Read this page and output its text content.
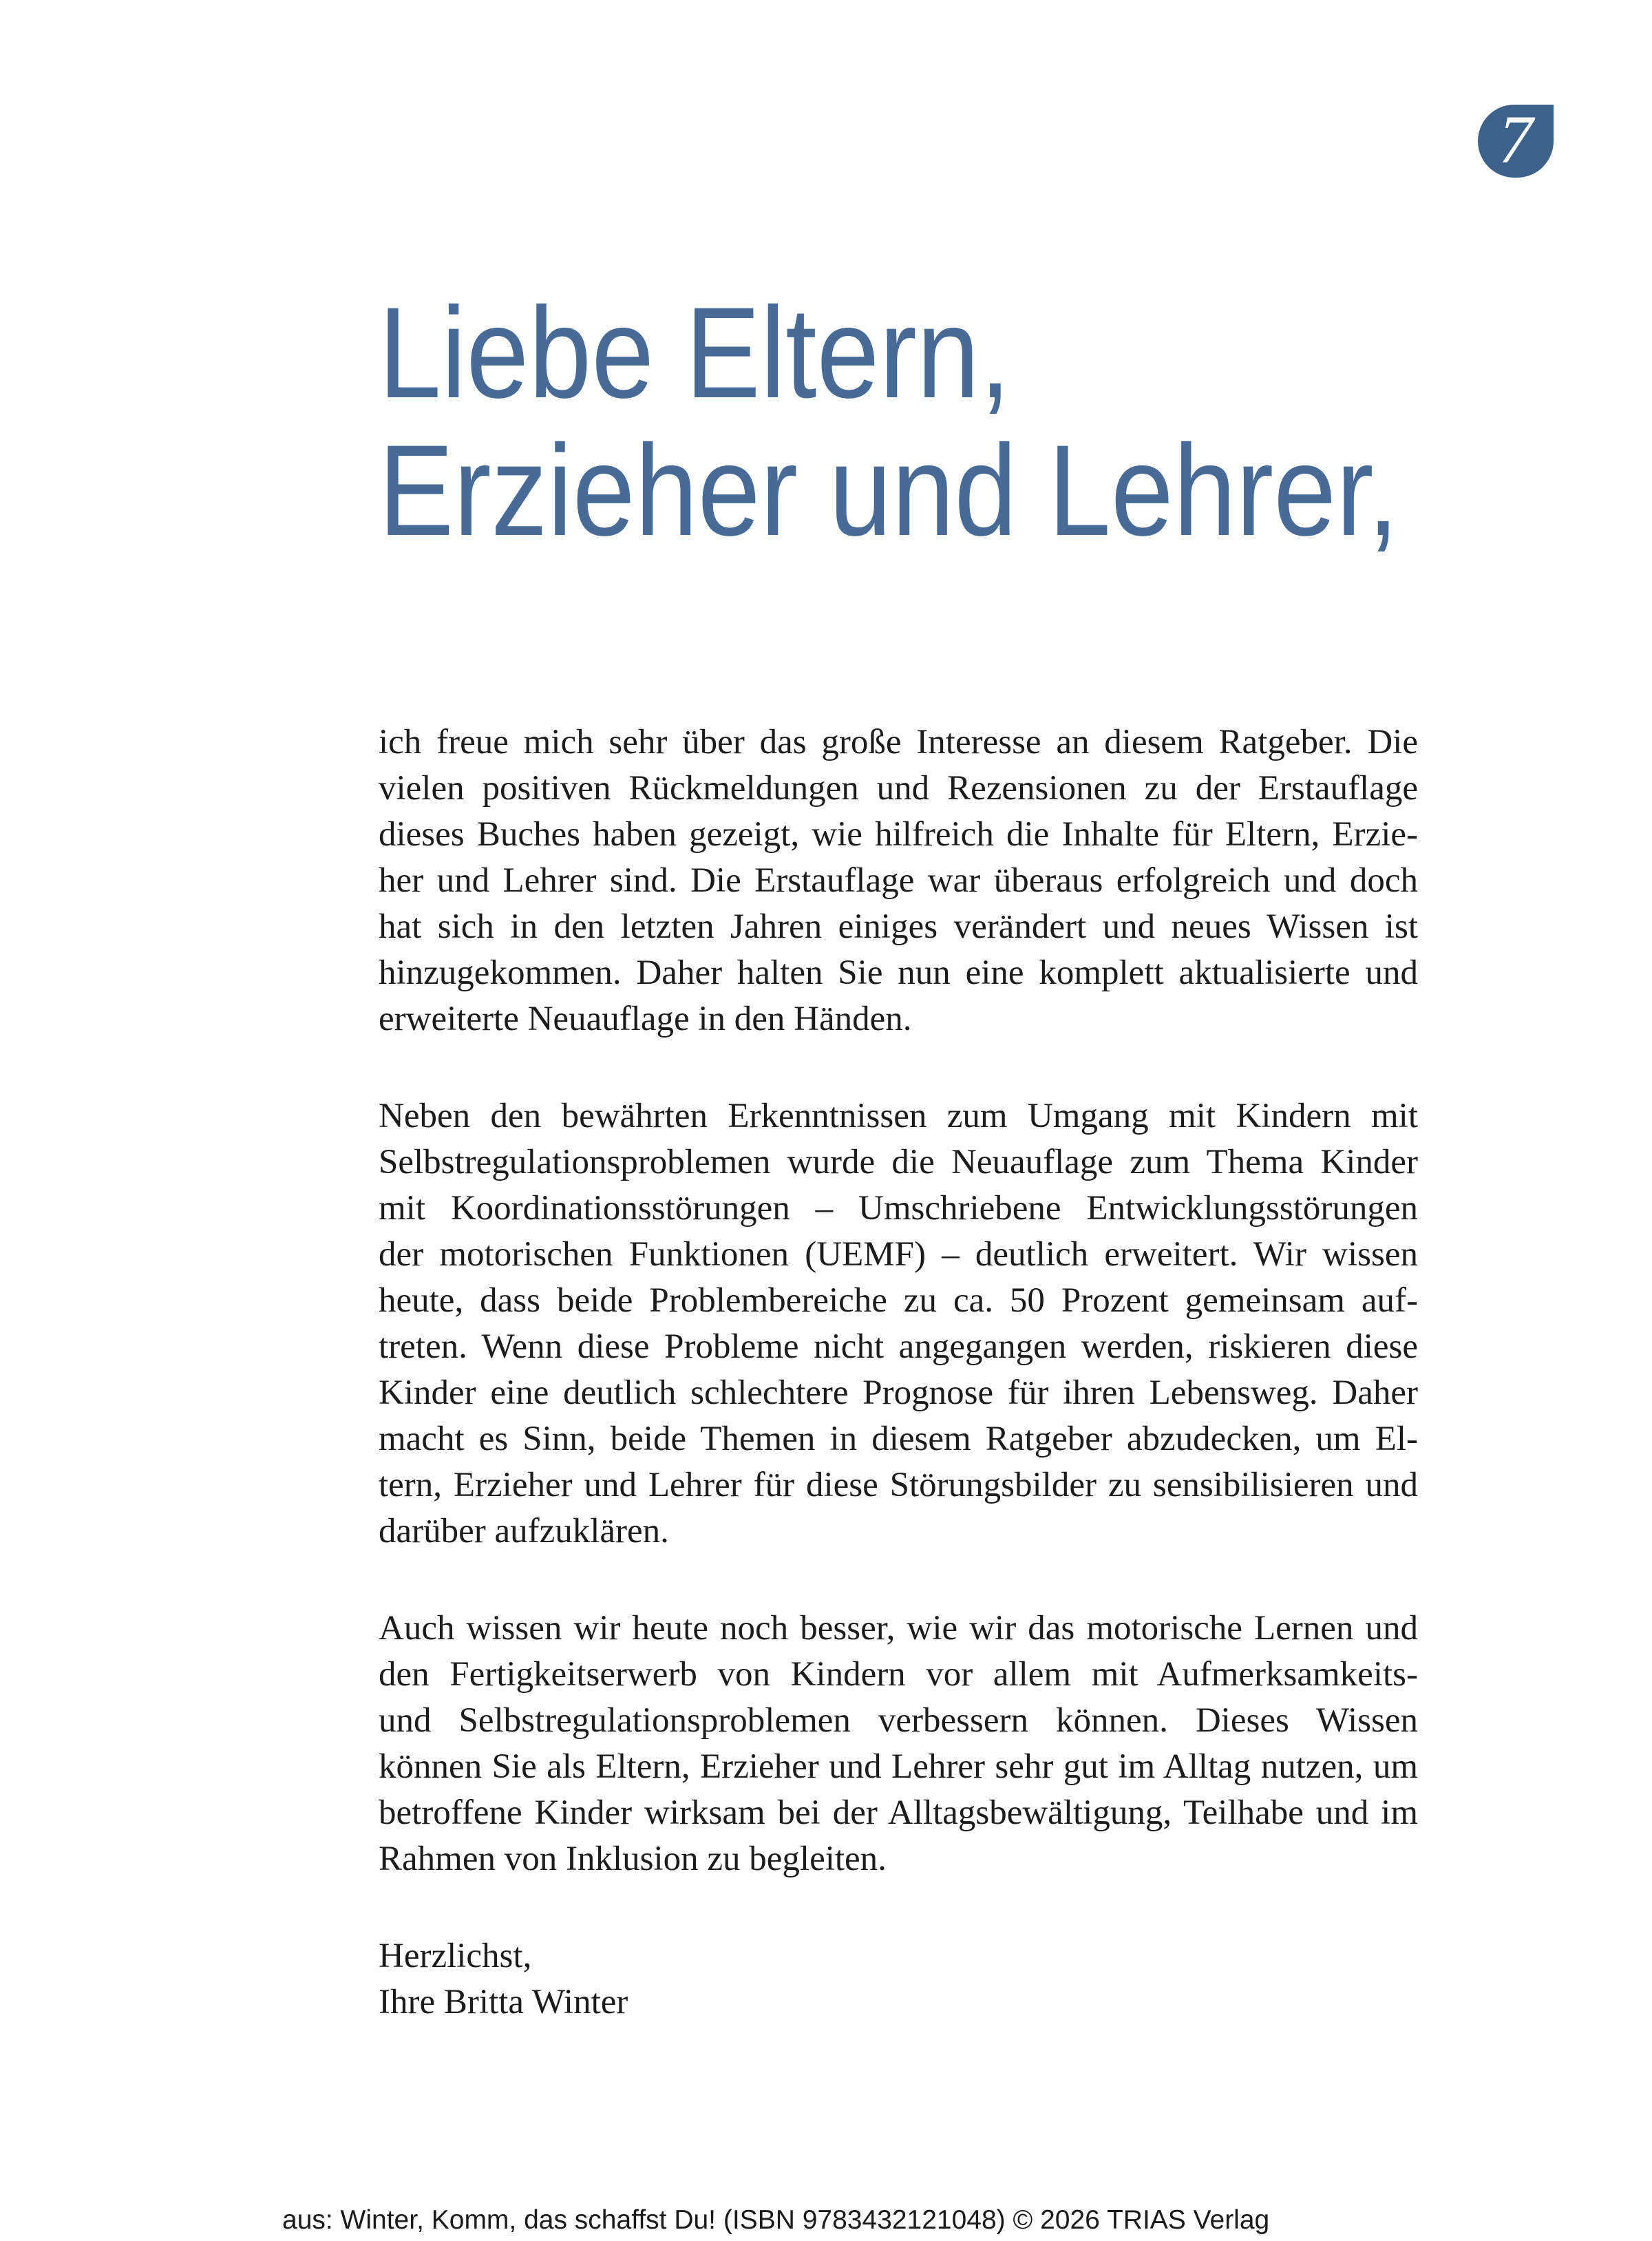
7
Liebe Eltern,
Erzieher und Lehrer,

ich freue mich sehr über das große Interesse an diesem Ratgeber. Die
vielen positiven Rückmeldungen und Rezensionen zu der Erstauflage
dieses Buches haben gezeigt, wie hilfreich die Inhalte für Eltern, Erzie-
her und Lehrer sind. Die Erstauflage war überaus erfolgreich und doch
hat sich in den letzten Jahren einiges verändert und neues Wissen ist
hinzugekommen. Daher halten Sie nun eine komplett aktualisierte und
erweiterte Neuauflage in den Händen.

Neben den bewährten Erkenntnissen zum Umgang mit Kindern mit
Selbstregulationsproblemen wurde die Neuauflage zum Thema Kinder
mit Koordinationsstörungen – Umschriebene Entwicklungsstörungen
der motorischen Funktionen (UEMF) – deutlich erweitert. Wir wissen
heute, dass beide Problembereiche zu ca. 50 Prozent gemeinsam auf-
treten. Wenn diese Probleme nicht angegangen werden, riskieren diese
Kinder eine deutlich schlechtere Prognose für ihren Lebensweg. Daher
macht es Sinn, beide Themen in diesem Ratgeber abzudecken, um El-
tern, Erzieher und Lehrer für diese Störungsbilder zu sensibilisieren und
darüber aufzuklären.

Auch wissen wir heute noch besser, wie wir das motorische Lernen und
den Fertigkeitserwerb von Kindern vor allem mit Aufmerksamkeits-
und Selbstregulationsproblemen verbessern können. Dieses Wissen
können Sie als Eltern, Erzieher und Lehrer sehr gut im Alltag nutzen, um
betroffene Kinder wirksam bei der Alltagsbewältigung, Teilhabe und im
Rahmen von Inklusion zu begleiten.

Herzlichst,
Ihre Britta Winter

aus: Winter, Komm, das schaffst Du! (ISBN 9783432121048) © 2026 TRIAS Verlag
